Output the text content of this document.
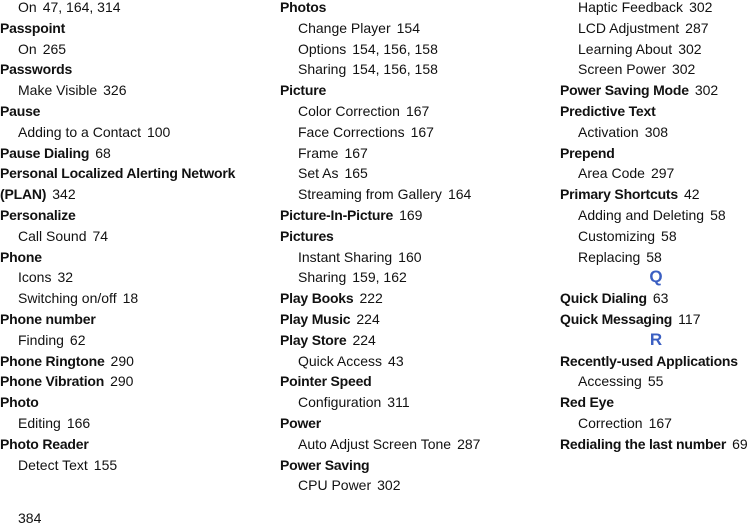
On 47, 164, 314
Passpoint
On 265
Passwords
Make Visible 326
Pause
Adding to a Contact 100
Pause Dialing 68
Personal Localized Alerting Network
(PLAN) 342
Personalize
Call Sound 74
Phone
Icons 32
Switching on/off 18
Phone number
Finding 62
Phone Ringtone 290
Phone Vibration 290
Photo
Editing 166
Photo Reader
Detect Text 155
Photos
Change Player 154
Options 154, 156, 158
Sharing 154, 156, 158
Picture
Color Correction 167
Face Corrections 167
Frame 167
Set As 165
Streaming from Gallery 164
Picture-In-Picture 169
Pictures
Instant Sharing 160
Sharing 159, 162
Play Books 222
Play Music 224
Play Store 224
Quick Access 43
Pointer Speed
Configuration 311
Power
Auto Adjust Screen Tone 287
Power Saving
CPU Power 302
Haptic Feedback 302
LCD Adjustment 287
Learning About 302
Screen Power 302
Power Saving Mode 302
Predictive Text
Activation 308
Prepend
Area Code 297
Primary Shortcuts 42
Adding and Deleting 58
Customizing 58
Replacing 58
Q
Quick Dialing 63
Quick Messaging 117
R
Recently-used Applications
Accessing 55
Red Eye
Correction 167
Redialing the last number 69
384
